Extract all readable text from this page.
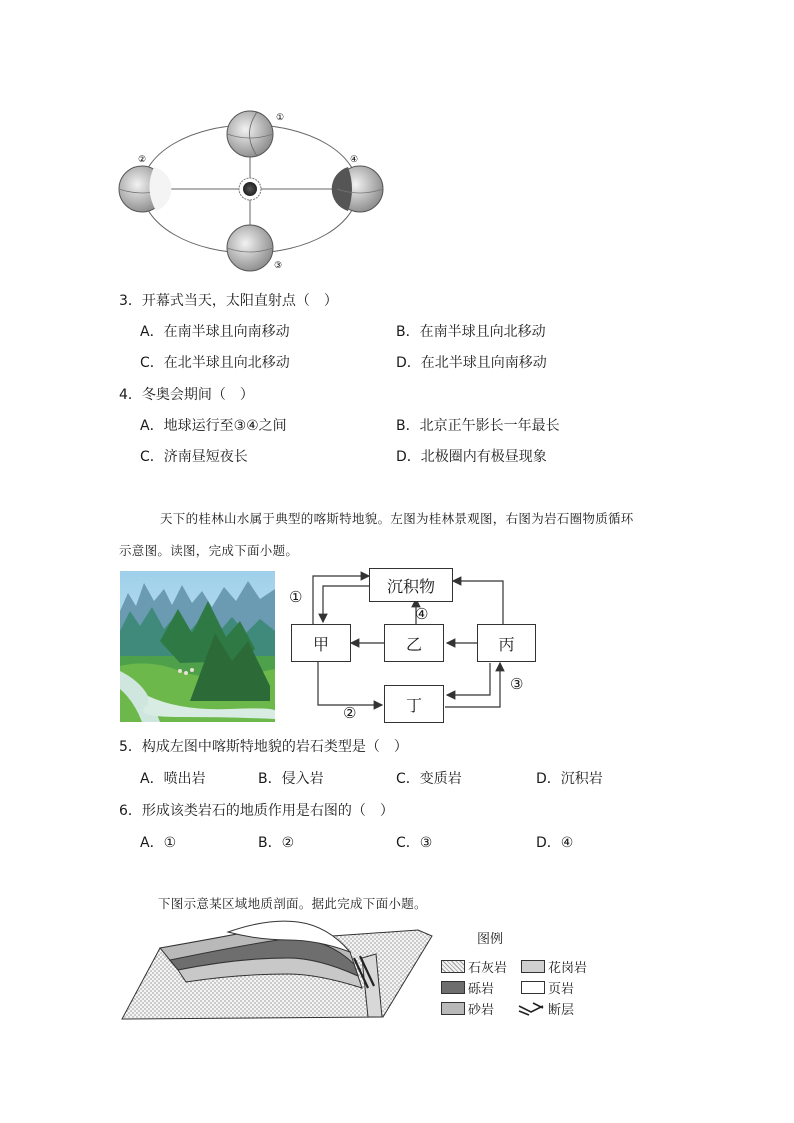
①
②
③
④
3．开幕式当天，太阳直射点（　）
A．在南半球且向南移动	B．在南半球且向北移动
C．在北半球且向北移动	D．在北半球且向南移动
4．冬奥会期间（　）
A．地球运行至③④之间	B．北京正午影长一年最长
C．济南昼短夜长	D．北极圈内有极昼现象
天下的桂林山水属于典型的喀斯特地貌。左图为桂林景观图，右图为岩石圈物质循环
示意图。读图，完成下面小题。
沉积物
甲	乙	丙
丁
①
②
③
④
5．构成左图中喀斯特地貌的岩石类型是（　）
A．喷出岩	B．侵入岩	C．变质岩	D．沉积岩
6．形成该类岩石的地质作用是右图的（　）
A．①	B．②	C．③	D．④
下图示意某区域地质剖面。据此完成下面小题。
图例
石灰岩	花岗岩
砾岩	页岩
砂岩	断层
